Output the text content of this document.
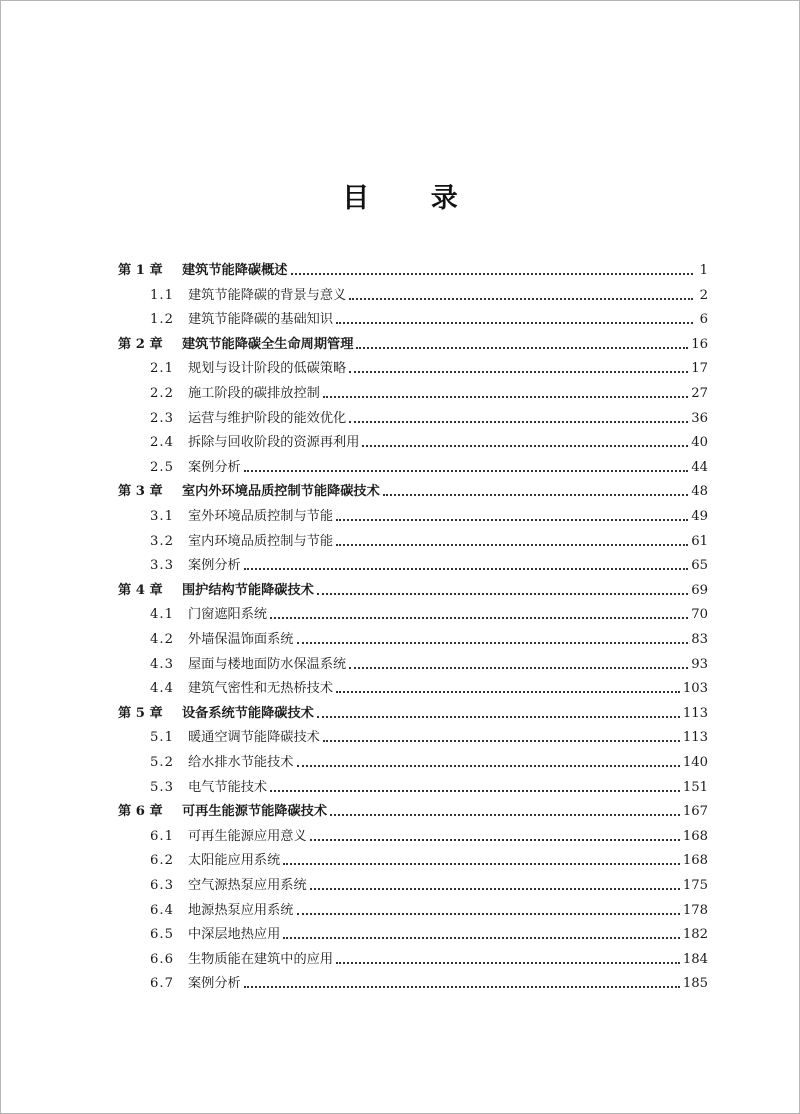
目 录
第 1 章	建筑节能降碳概述	1
1.1	建筑节能降碳的背景与意义	2
1.2	建筑节能降碳的基础知识	6
第 2 章	建筑节能降碳全生命周期管理	16
2.1	规划与设计阶段的低碳策略	17
2.2	施工阶段的碳排放控制	27
2.3	运营与维护阶段的能效优化	36
2.4	拆除与回收阶段的资源再利用	40
2.5	案例分析	44
第 3 章	室内外环境品质控制节能降碳技术	48
3.1	室外环境品质控制与节能	49
3.2	室内环境品质控制与节能	61
3.3	案例分析	65
第 4 章	围护结构节能降碳技术	69
4.1	门窗遮阳系统	70
4.2	外墙保温饰面系统	83
4.3	屋面与楼地面防水保温系统	93
4.4	建筑气密性和无热桥技术	103
第 5 章	设备系统节能降碳技术	113
5.1	暖通空调节能降碳技术	113
5.2	给水排水节能技术	140
5.3	电气节能技术	151
第 6 章	可再生能源节能降碳技术	167
6.1	可再生能源应用意义	168
6.2	太阳能应用系统	168
6.3	空气源热泵应用系统	175
6.4	地源热泵应用系统	178
6.5	中深层地热应用	182
6.6	生物质能在建筑中的应用	184
6.7	案例分析	185
